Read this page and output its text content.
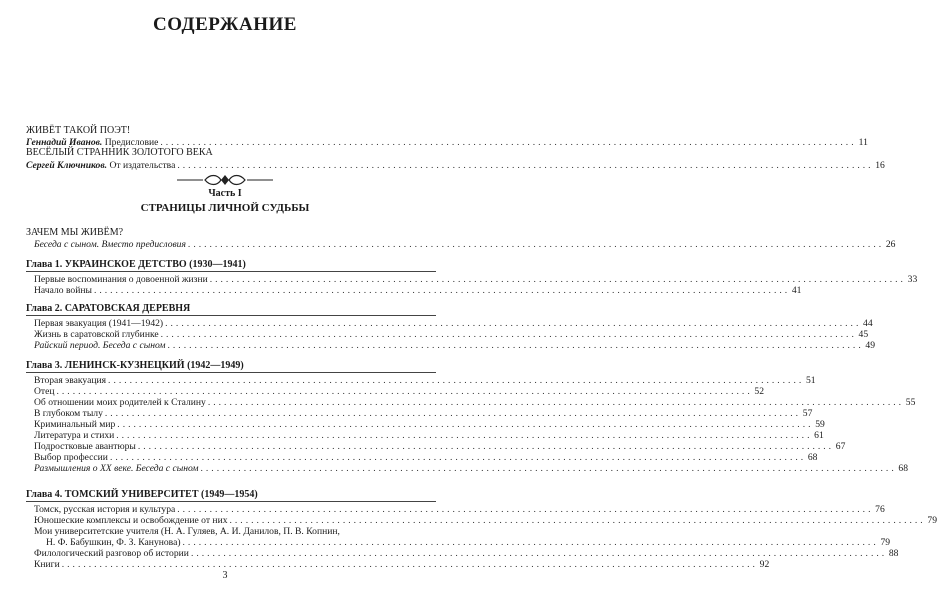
СОДЕРЖАНИЕ
ЖИВЁТ ТАКОЙ ПОЭТ!
Геннадий Иванов. Предисловие . . .	11
ВЕСЁЛЫЙ СТРАННИК ЗОЛОТОГО ВЕКА
Сергей Ключников. От издательства . . .	16
Часть I
СТРАНИЦЫ ЛИЧНОЙ СУДЬБЫ
ЗАЧЕМ МЫ ЖИВЁМ?
Беседа с сыном. Вместо предисловия . . .	26
Глава 1. УКРАИНСКОЕ ДЕТСТВО (1930—1941)
Первые воспоминания о довоенной жизни . . .	33
Начало войны . . .	41
Глава 2. САРАТОВСКАЯ ДЕРЕВНЯ
Первая эвакуация (1941—1942) . . .	44
Жизнь в саратовской глубинке . . .	45
Райский период. Беседа с сыном . . .	49
Глава 3. ЛЕНИНСК-КУЗНЕЦКИЙ (1942—1949)
Вторая эвакуация . . .	51
Отец . . .	52
Об отношении моих родителей к Сталину . . .	55
В глубоком тылу . . .	57
Криминальный мир . . .	59
Литература и стихи . . .	61
Подростковые авантюры . . .	67
Выбор профессии . . .	68
Размышления о XX веке. Беседа с сыном . . .	68
Глава 4. ТОМСКИЙ УНИВЕРСИТЕТ (1949—1954)
Томск, русская история и культура . . .	76
Юношеские комплексы и освобождение от них . . .	79
Мои университетские учителя (Н. А. Гуляев, А. И. Данилов, П. В. Копнин,
Н. Ф. Бабушкин, Ф. З. Канунова) . . .	79
Филологический разговор об истории . . .	88
Книги . . .	92
3
